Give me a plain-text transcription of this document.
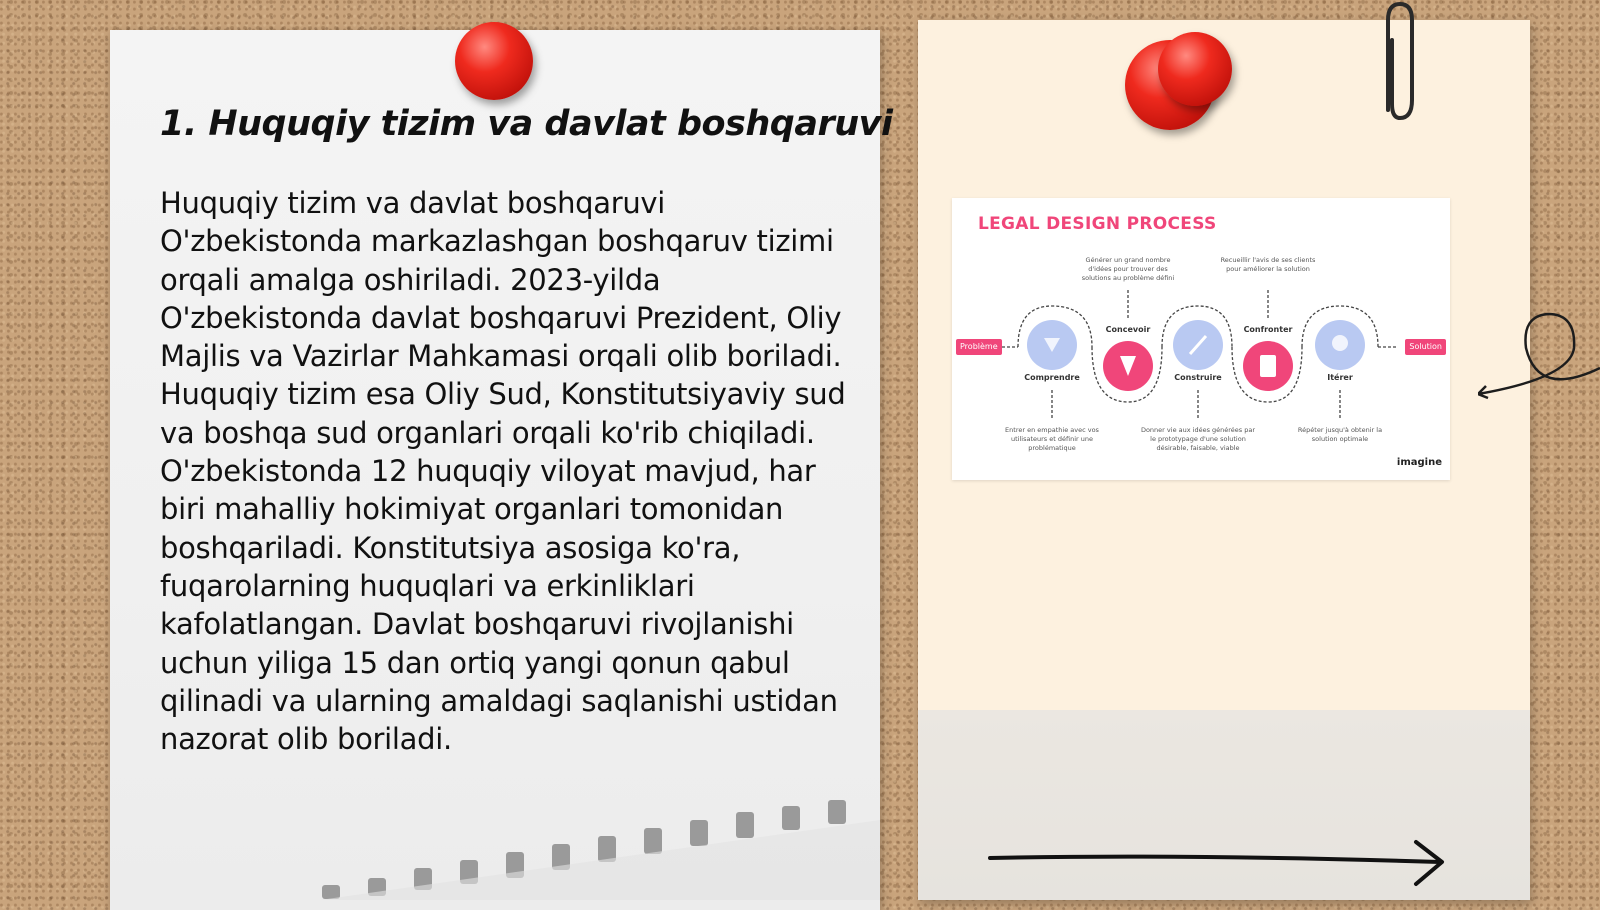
1. Huquqiy tizim va davlat boshqaruvi

Huquqiy tizim va davlat boshqaruvi O'zbekistonda markazlashgan boshqaruv tizimi orqali amalga oshiriladi. 2023-yilda O'zbekistonda davlat boshqaruvi Prezident, Oliy Majlis va Vazirlar Mahkamasi orqali olib boriladi. Huquqiy tizim esa Oliy Sud, Konstitutsiyaviy sud va boshqa sud organlari orqali ko'rib chiqiladi. O'zbekistonda 12 huquqiy viloyat mavjud, har biri mahalliy hokimiyat organlari tomonidan boshqariladi. Konstitutsiya asosiga ko'ra, fuqarolarning huquqlari va erkinliklari kafolatlangan. Davlat boshqaruvi rivojlanishi uchun yiliga 15 dan ortiq yangi qonun qabul qilinadi va ularning amaldagi saqlanishi ustidan nazorat olib boriladi.

LEGAL DESIGN PROCESS
Problème	Solution
Comprendre
Concevoir
Construire
Confronter
Itérer
Générer un grand nombre d'idées pour trouver des solutions au problème défini
Recueillir l'avis de ses clients pour améliorer la solution
Entrer en empathie avec vos utilisateurs et définir une problématique
Donner vie aux idées générées par le prototypage d'une solution désirable, faisable, viable
Répéter jusqu'à obtenir la solution optimale
imagine
